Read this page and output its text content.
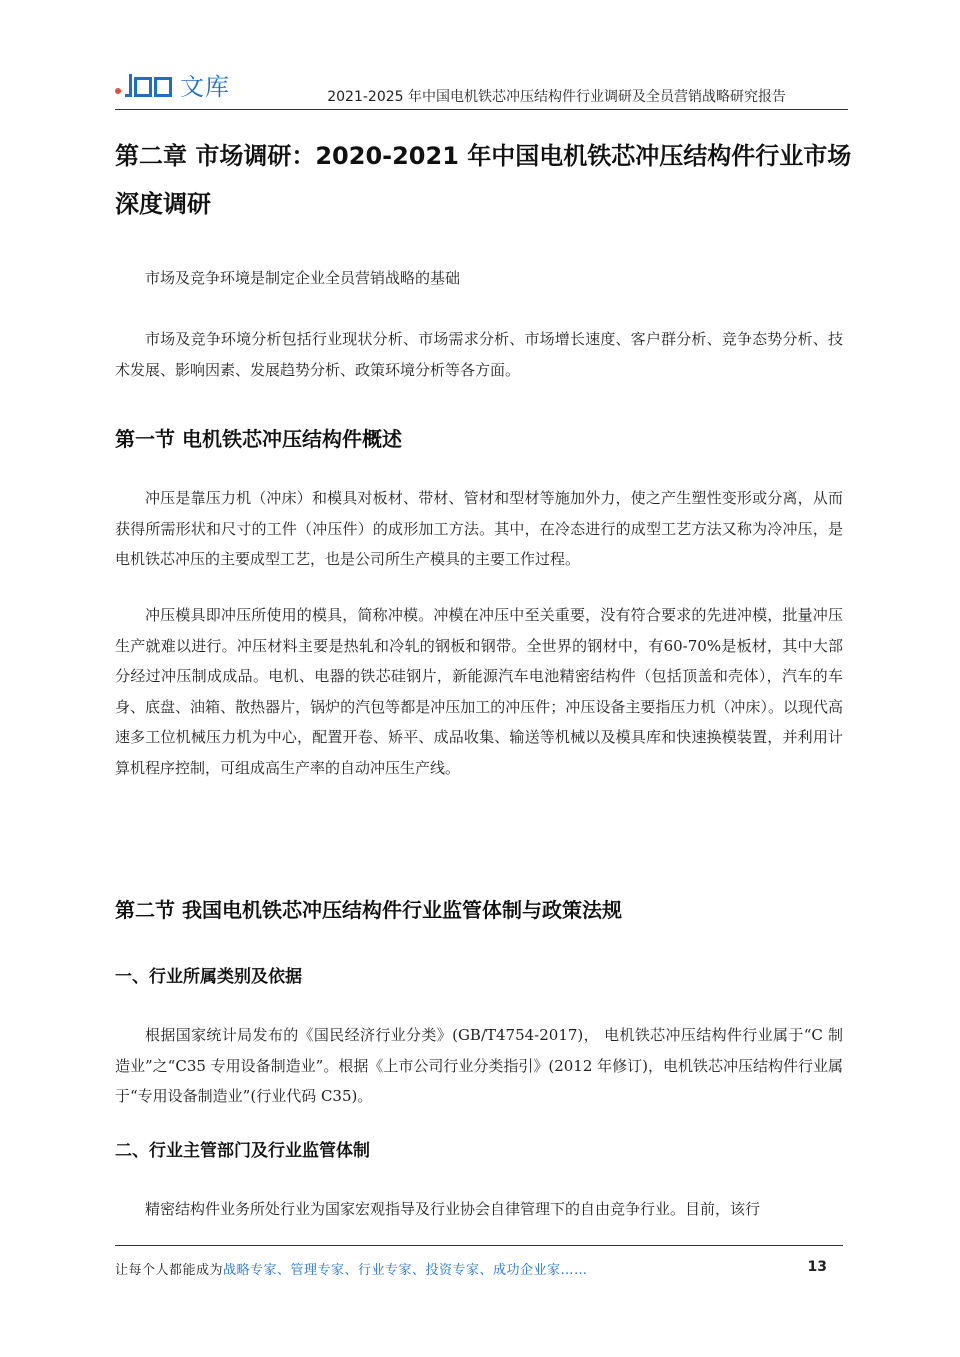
文库	2021-2025 年中国电机铁芯冲压结构件行业调研及全员营销战略研究报告
第二章 市场调研：2020-2021 年中国电机铁芯冲压结构件行业市场深度调研

市场及竞争环境是制定企业全员营销战略的基础

市场及竞争环境分析包括行业现状分析、市场需求分析、市场增长速度、客户群分析、竞争态势分析、技术发展、影响因素、发展趋势分析、政策环境分析等各方面。

第一节 电机铁芯冲压结构件概述

冲压是靠压力机（冲床）和模具对板材、带材、管材和型材等施加外力，使之产生塑性变形或分离，从而获得所需形状和尺寸的工件（冲压件）的成形加工方法。其中，在冷态进行的成型工艺方法又称为冷冲压，是电机铁芯冲压的主要成型工艺，也是公司所生产模具的主要工作过程。

冲压模具即冲压所使用的模具，简称冲模。冲模在冲压中至关重要，没有符合要求的先进冲模，批量冲压生产就难以进行。冲压材料主要是热轧和冷轧的钢板和钢带。全世界的钢材中，有60-70%是板材，其中大部分经过冲压制成成品。电机、电器的铁芯硅钢片，新能源汽车电池精密结构件（包括顶盖和壳体），汽车的车身、底盘、油箱、散热器片，锅炉的汽包等都是冲压加工的冲压件；冲压设备主要指压力机（冲床）。以现代高速多工位机械压力机为中心，配置开卷、矫平、成品收集、输送等机械以及模具库和快速换模装置，并利用计算机程序控制，可组成高生产率的自动冲压生产线。

第二节 我国电机铁芯冲压结构件行业监管体制与政策法规
一、行业所属类别及依据

根据国家统计局发布的《国民经济行业分类》(GB/T4754-2017)， 电机铁芯冲压结构件行业属于“C 制造业”之“C35 专用设备制造业”。根据《上市公司行业分类指引》(2012 年修订)，电机铁芯冲压结构件行业属于“专用设备制造业”(行业代码 C35)。

二、行业主管部门及行业监管体制

精密结构件业务所处行业为国家宏观指导及行业协会自律管理下的自由竞争行业。目前，该行

让每个人都能成为战略专家、管理专家、行业专家、投资专家、成功企业家……	13
